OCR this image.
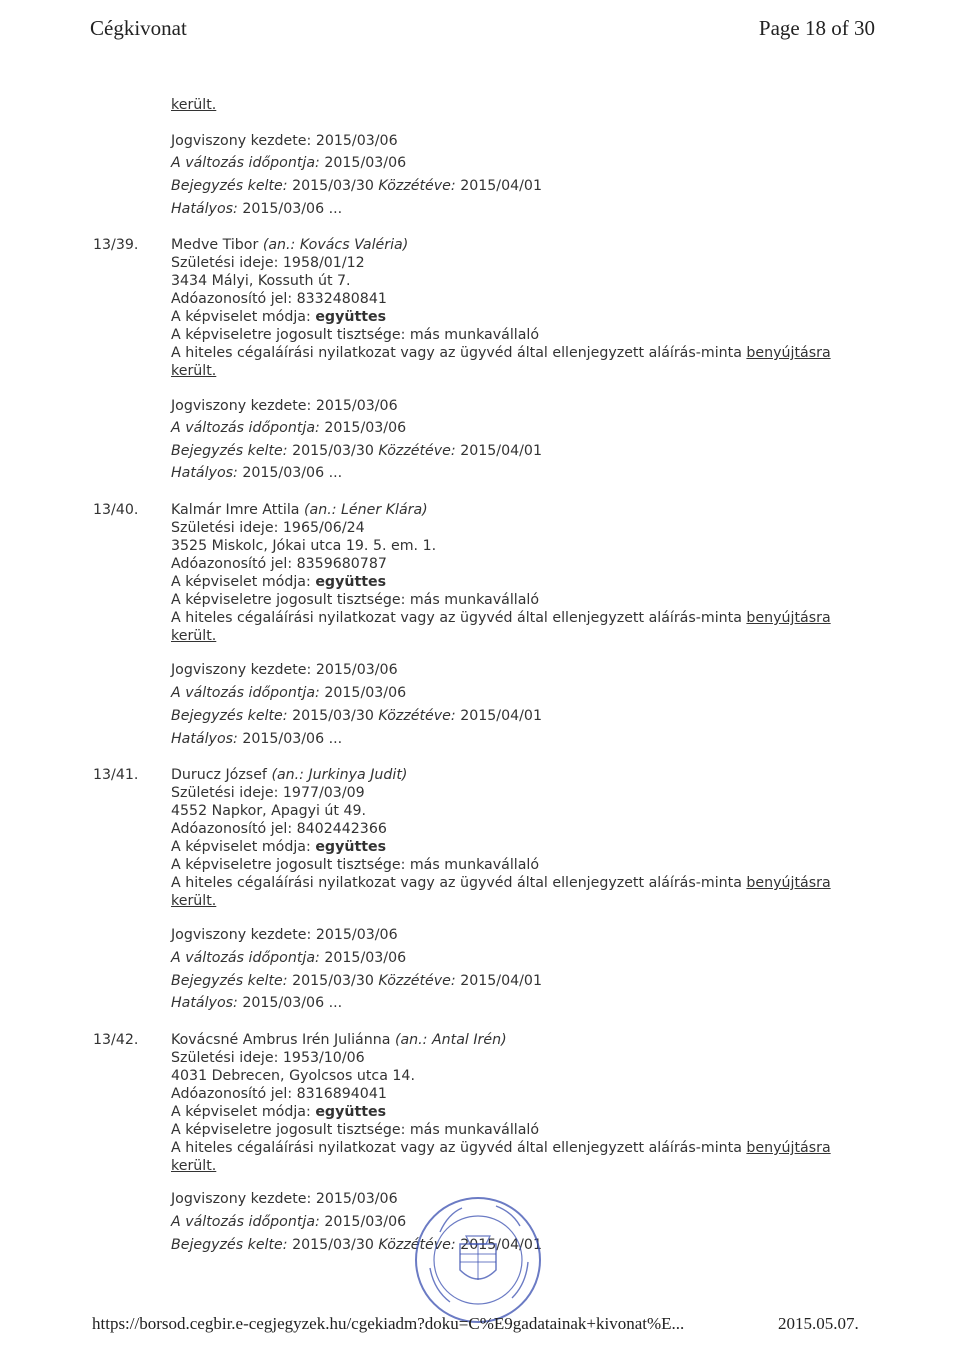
Cégkivonat	Page 18 of 30
került.
Jogviszony kezdete: 2015/03/06
A változás időpontja: 2015/03/06
Bejegyzés kelte: 2015/03/30 Közzétéve: 2015/04/01
Hatályos: 2015/03/06 ...
13/39. Medve Tibor (an.: Kovács Valéria)
Születési ideje: 1958/01/12
3434 Mályi, Kossuth út 7.
Adóazonosító jel: 8332480841
A képviselet módja: együttes
A képviseletre jogosult tisztsége: más munkavállaló
A hiteles cégaláírási nyilatkozat vagy az ügyvéd által ellenjegyzett aláírás-minta benyújtásra
került.
Jogviszony kezdete: 2015/03/06
A változás időpontja: 2015/03/06
Bejegyzés kelte: 2015/03/30 Közzétéve: 2015/04/01
Hatályos: 2015/03/06 ...
13/40. Kalmár Imre Attila (an.: Léner Klára)
Születési ideje: 1965/06/24
3525 Miskolc, Jókai utca 19. 5. em. 1.
Adóazonosító jel: 8359680787
A képviselet módja: együttes
A képviseletre jogosult tisztsége: más munkavállaló
A hiteles cégaláírási nyilatkozat vagy az ügyvéd által ellenjegyzett aláírás-minta benyújtásra
került.
Jogviszony kezdete: 2015/03/06
A változás időpontja: 2015/03/06
Bejegyzés kelte: 2015/03/30 Közzétéve: 2015/04/01
Hatályos: 2015/03/06 ...
13/41. Durucz József (an.: Jurkinya Judit)
Születési ideje: 1977/03/09
4552 Napkor, Apagyi út 49.
Adóazonosító jel: 8402442366
A képviselet módja: együttes
A képviseletre jogosult tisztsége: más munkavállaló
A hiteles cégaláírási nyilatkozat vagy az ügyvéd által ellenjegyzett aláírás-minta benyújtásra
került.
Jogviszony kezdete: 2015/03/06
A változás időpontja: 2015/03/06
Bejegyzés kelte: 2015/03/30 Közzétéve: 2015/04/01
Hatályos: 2015/03/06 ...
13/42. Kovácsné Ambrus Irén Juliánna (an.: Antal Irén)
Születési ideje: 1953/10/06
4031 Debrecen, Gyolcsos utca 14.
Adóazonosító jel: 8316894041
A képviselet módja: együttes
A képviseletre jogosult tisztsége: más munkavállaló
A hiteles cégaláírási nyilatkozat vagy az ügyvéd által ellenjegyzett aláírás-minta benyújtásra
került.
Jogviszony kezdete: 2015/03/06
A változás időpontja: 2015/03/06
Bejegyzés kelte: 2015/03/30 Közzétéve: 2015/04/01
https://borsod.cegbir.e-cegjegyzek.hu/cgekiadm?doku=C%E9gadatainak+kivonat%E...	2015.05.07.
